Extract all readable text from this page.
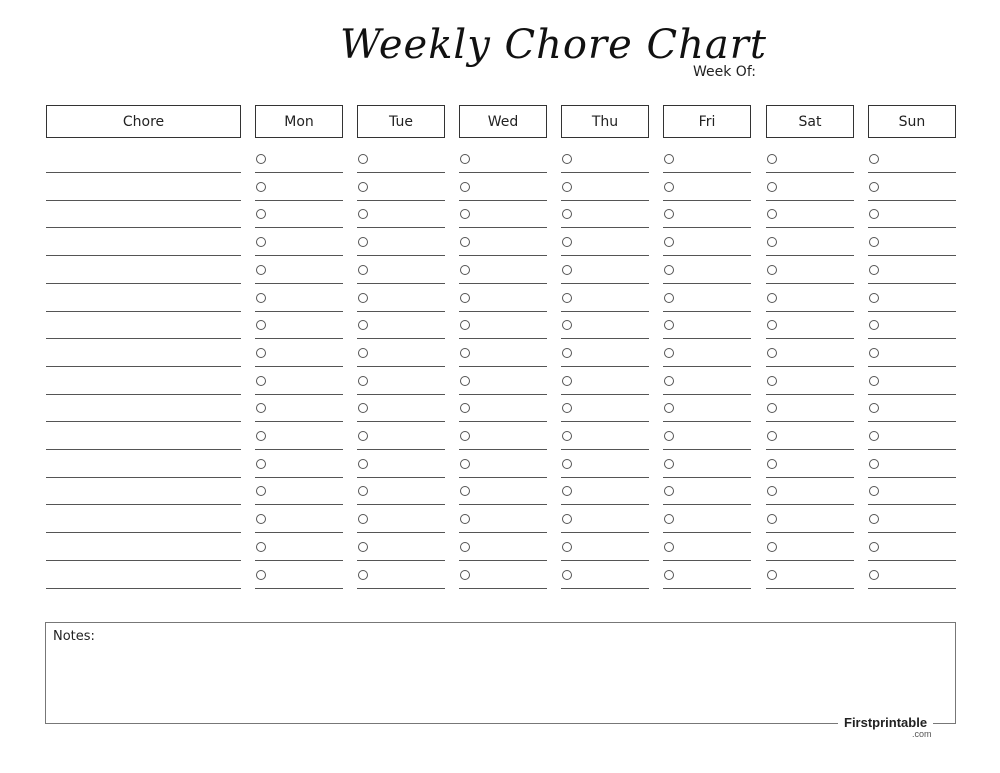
Weekly Chore Chart
Week Of:
Chore	Mon	Tue	Wed	Thu	Fri	Sat	Sun
Notes:
Firstprintable
.com
